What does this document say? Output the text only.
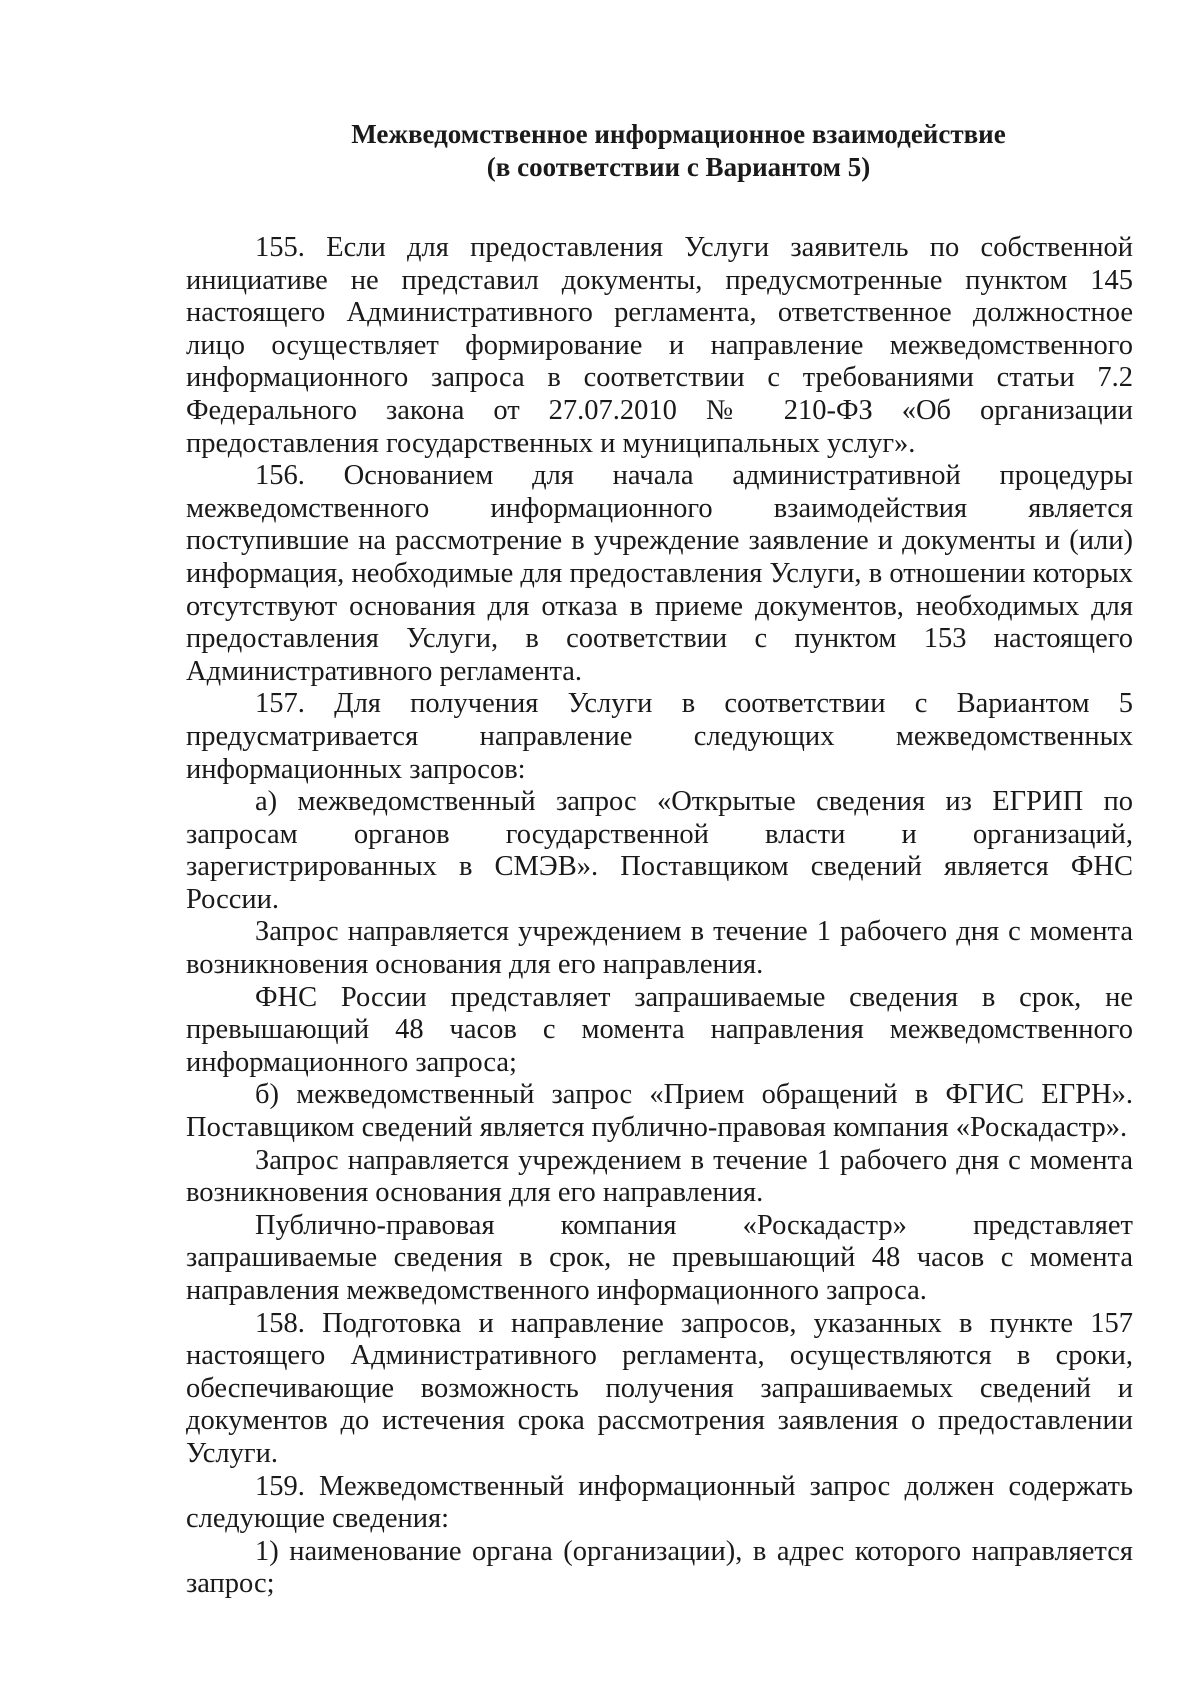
Межведомственное информационное взаимодействие
(в соответствии с Вариантом 5)

155. Если для предоставления Услуги заявитель по собственной инициативе не представил документы, предусмотренные пунктом 145 настоящего Административного регламента, ответственное должностное лицо осуществляет формирование и направление межведомственного информационного запроса в соответствии с требованиями статьи 7.2 Федерального закона от 27.07.2010 № 210-ФЗ «Об организации предоставления государственных и муниципальных услуг».

156. Основанием для начала административной процедуры межведомственного информационного взаимодействия является поступившие на рассмотрение в учреждение заявление и документы и (или) информация, необходимые для предоставления Услуги, в отношении которых отсутствуют основания для отказа в приеме документов, необходимых для предоставления Услуги, в соответствии с пунктом 153 настоящего Административного регламента.

157. Для получения Услуги в соответствии с Вариантом 5 предусматривается направление следующих межведомственных информационных запросов:

а) межведомственный запрос «Открытые сведения из ЕГРИП по запросам органов государственной власти и организаций, зарегистрированных в СМЭВ». Поставщиком сведений является ФНС России.

Запрос направляется учреждением в течение 1 рабочего дня с момента возникновения основания для его направления.

ФНС России представляет запрашиваемые сведения в срок, не превышающий 48 часов с момента направления межведомственного информационного запроса;

б) межведомственный запрос «Прием обращений в ФГИС ЕГРН». Поставщиком сведений является публично-правовая компания «Роскадастр».

Запрос направляется учреждением в течение 1 рабочего дня с момента возникновения основания для его направления.

Публично-правовая компания «Роскадастр» представляет запрашиваемые сведения в срок, не превышающий 48 часов с момента направления межведомственного информационного запроса.

158. Подготовка и направление запросов, указанных в пункте 157 настоящего Административного регламента, осуществляются в сроки, обеспечивающие возможность получения запрашиваемых сведений и документов до истечения срока рассмотрения заявления о предоставлении Услуги.

159. Межведомственный информационный запрос должен содержать следующие сведения:

1) наименование органа (организации), в адрес которого направляется запрос;
